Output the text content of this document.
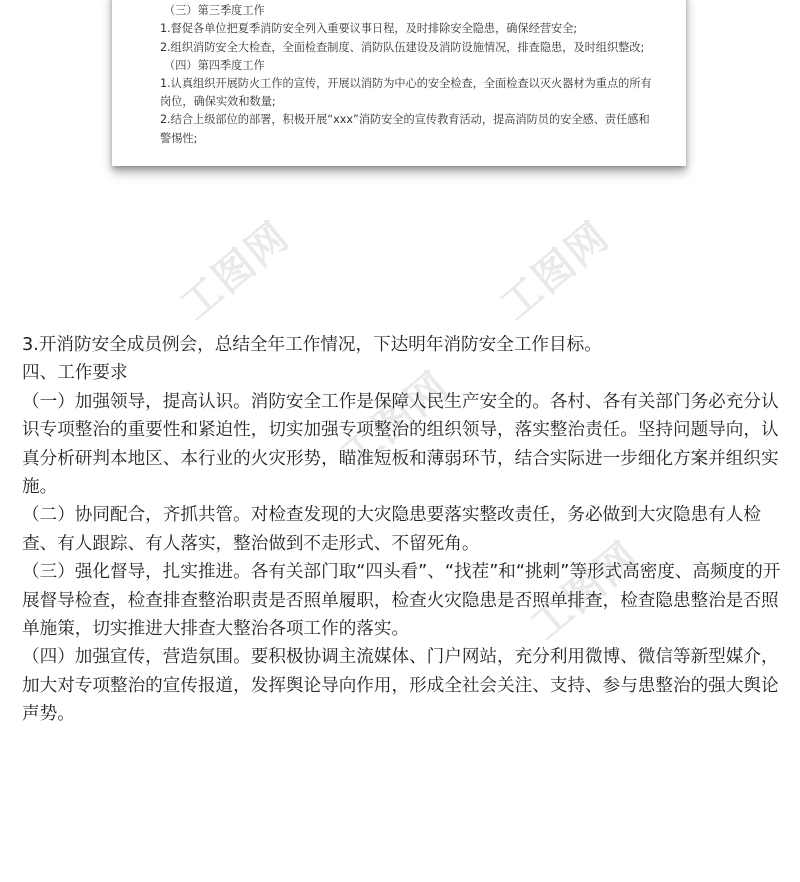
工图网	工图网
工图网
工图网

（三）第三季度工作

1.督促各单位把夏季消防安全列入重要议事日程，及时排除安全隐患，确保经营安全;

2.组织消防安全大检查，全面检查制度、消防队伍建设及消防设施情况，排查隐患，及时组织整改;

（四）第四季度工作

1.认真组织开展防火工作的宣传，开展以消防为中心的安全检查，全面检查以灭火器材为重点的所有岗位，确保实效和数量;

2.结合上级部位的部署，积极开展“xxx”消防安全的宣传教育活动，提高消防员的安全感、责任感和警惕性;

3.开消防安全成员例会，总结全年工作情况，下达明年消防安全工作目标。

四、工作要求

（一）加强领导，提高认识。消防安全工作是保障人民生产安全的。各村、各有关部门务必充分认识专项整治的重要性和紧迫性，切实加强专项整治的组织领导，落实整治责任。坚持问题导向，认真分析研判本地区、本行业的火灾形势，瞄准短板和薄弱环节，结合实际进一步细化方案并组织实施。

（二）协同配合，齐抓共管。对检查发现的大灾隐患要落实整改责任，务必做到大灾隐患有人检查、有人跟踪、有人落实，整治做到不走形式、不留死角。

（三）强化督导，扎实推进。各有关部门取“四头看”、“找茬”和“挑刺”等形式高密度、高频度的开展督导检查，检查排查整治职责是否照单履职，检查火灾隐患是否照单排查，检查隐患整治是否照单施策，切实推进大排查大整治各项工作的落实。

（四）加强宣传，营造氛围。要积极协调主流媒体、门户网站，充分利用微博、微信等新型媒介，加大对专项整治的宣传报道，发挥舆论导向作用，形成全社会关注、支持、参与患整治的强大舆论声势。
